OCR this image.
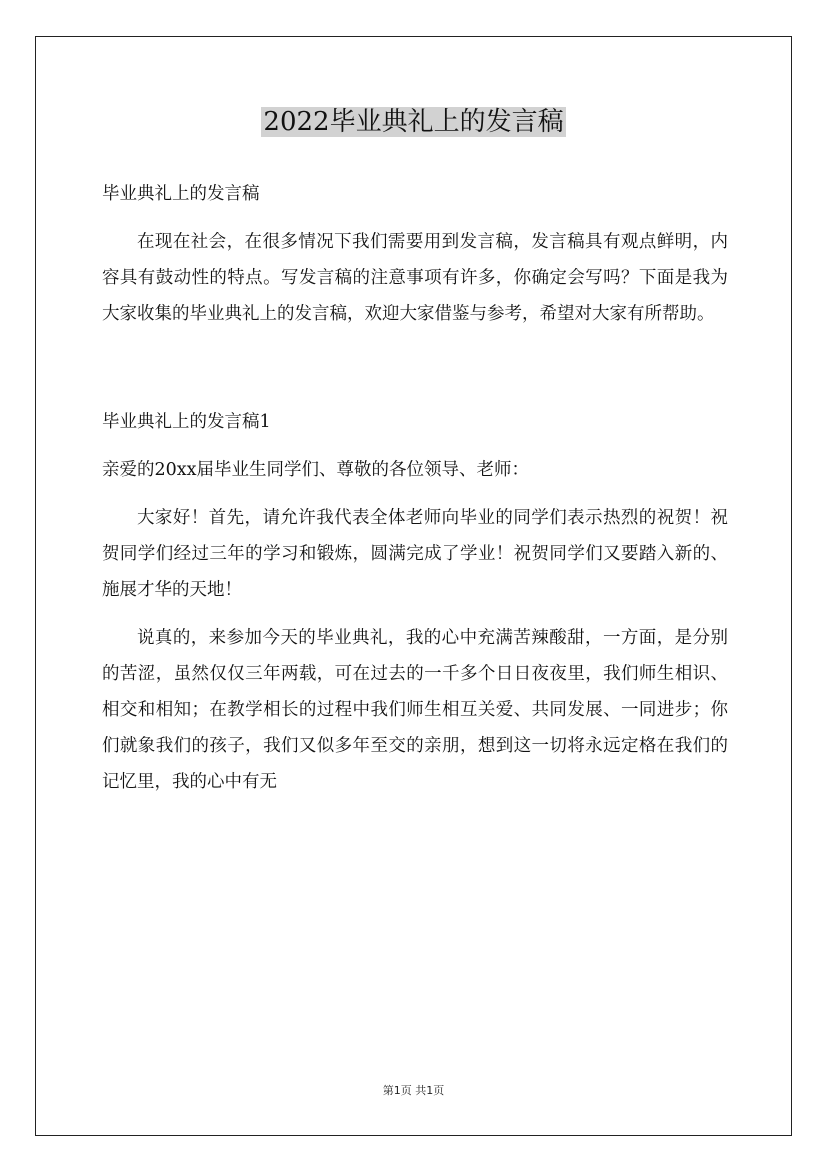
2022毕业典礼上的发言稿

毕业典礼上的发言稿

在现在社会，在很多情况下我们需要用到发言稿，发言稿具有观点鲜明，内容具有鼓动性的特点。写发言稿的注意事项有许多，你确定会写吗？下面是我为大家收集的毕业典礼上的发言稿，欢迎大家借鉴与参考，希望对大家有所帮助。

毕业典礼上的发言稿1

亲爱的20xx届毕业生同学们、尊敬的各位领导、老师：

大家好！首先，请允许我代表全体老师向毕业的同学们表示热烈的祝贺！祝贺同学们经过三年的学习和锻炼，圆满完成了学业！祝贺同学们又要踏入新的、施展才华的天地！

说真的，来参加今天的毕业典礼，我的心中充满苦辣酸甜，一方面，是分别的苦涩，虽然仅仅三年两载，可在过去的一千多个日日夜夜里，我们师生相识、相交和相知；在教学相长的过程中我们师生相互关爱、共同发展、一同进步；你们就象我们的孩子，我们又似多年至交的亲朋，想到这一切将永远定格在我们的记忆里，我的心中有无

第1页 共1页
